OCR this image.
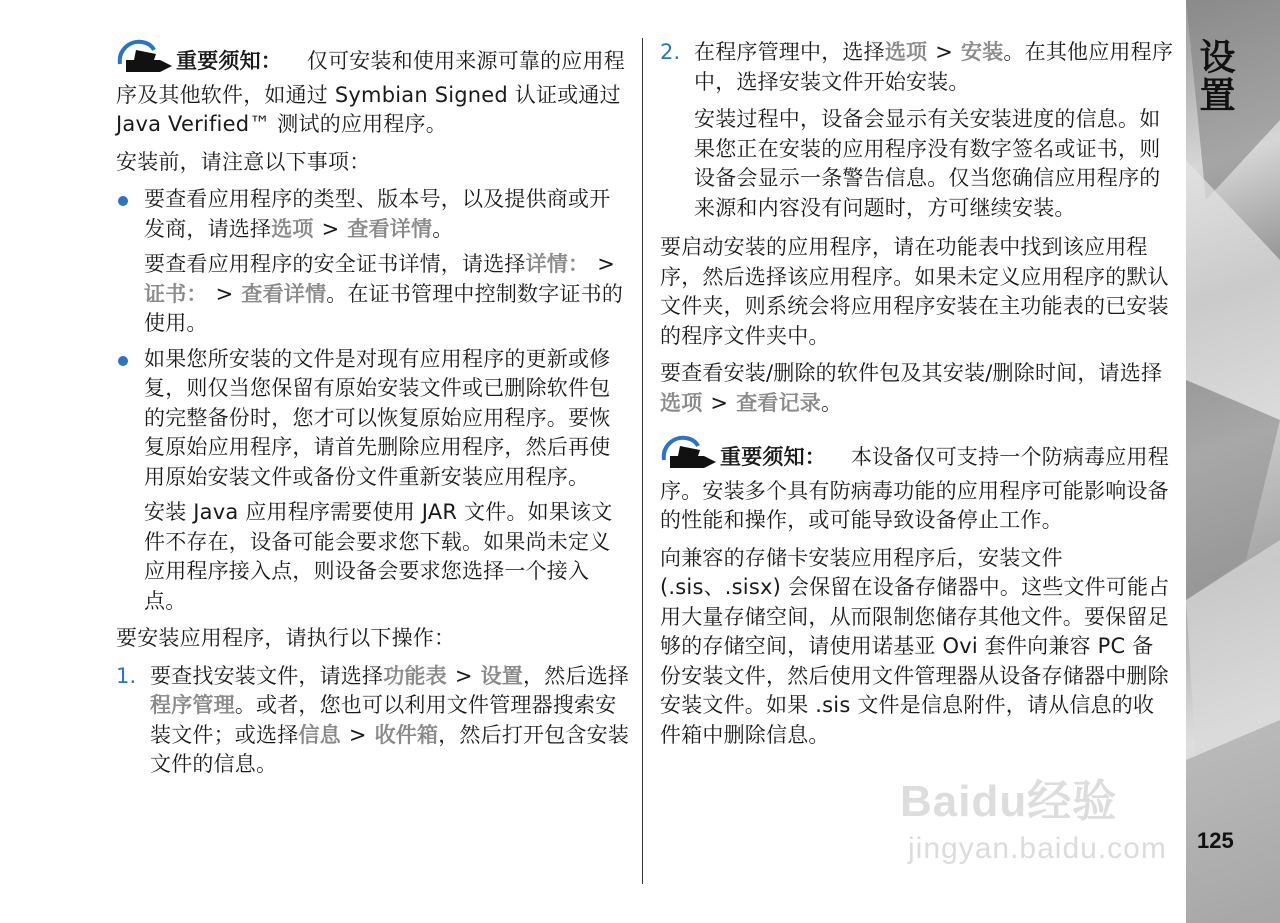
重要须知： 仅可安装和使用来源可靠的应用程序及其他软件，如通过 Symbian Signed 认证或通过 Java Verified™ 测试的应用程序。

安装前，请注意以下事项：

要查看应用程序的类型、版本号，以及提供商或开发商，请选择选项 > 查看详情。
要查看应用程序的安全证书详情，请选择详情： >证书： > 查看详情。在证书管理中控制数字证书的使用。
如果您所安装的文件是对现有应用程序的更新或修复，则仅当您保留有原始安装文件或已删除软件包的完整备份时，您才可以恢复原始应用程序。要恢复原始应用程序，请首先删除应用程序，然后再使用原始安装文件或备份文件重新安装应用程序。
安装 Java 应用程序需要使用 JAR 文件。如果该文件不存在，设备可能会要求您下载。如果尚未定义应用程序接入点，则设备会要求您选择一个接入点。

要安装应用程序，请执行以下操作：

1. 要查找安装文件，请选择功能表 > 设置，然后选择程序管理。或者，您也可以利用文件管理器搜索安装文件；或选择信息 > 收件箱，然后打开包含安装文件的信息。
2. 在程序管理中，选择选项 > 安装。在其他应用程序中，选择安装文件开始安装。
安装过程中，设备会显示有关安装进度的信息。如果您正在安装的应用程序没有数字签名或证书，则设备会显示一条警告信息。仅当您确信应用程序的来源和内容没有问题时，方可继续安装。

要启动安装的应用程序，请在功能表中找到该应用程序，然后选择该应用程序。如果未定义应用程序的默认文件夹，则系统会将应用程序安装在主功能表的已安装的程序文件夹中。

要查看安装/删除的软件包及其安装/删除时间，请选择选项 > 查看记录。

重要须知： 本设备仅可支持一个防病毒应用程序。安装多个具有防病毒功能的应用程序可能影响设备的性能和操作，或可能导致设备停止工作。

向兼容的存储卡安装应用程序后，安装文件 (.sis、.sisx) 会保留在设备存储器中。这些文件可能占用大量存储空间，从而限制您储存其他文件。要保留足够的存储空间，请使用诺基亚 Ovi 套件向兼容 PC 备份安装文件，然后使用文件管理器从设备存储器中删除安装文件。如果 .sis 文件是信息附件，请从信息的收件箱中删除信息。

设置
125
Baidu经验
jingyan.baidu.com
